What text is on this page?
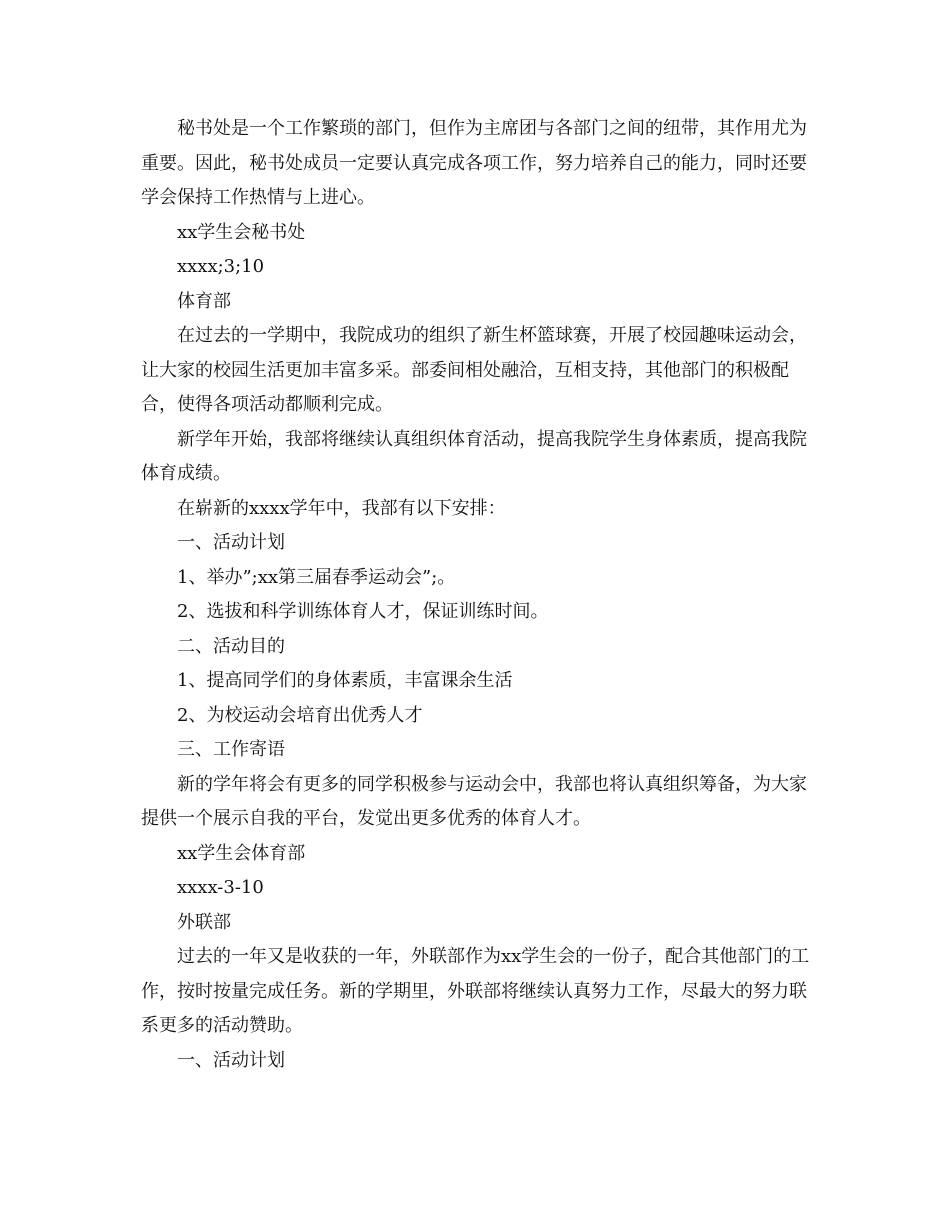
秘书处是一个工作繁琐的部门，但作为主席团与各部门之间的纽带，其作用尤为重要。因此，秘书处成员一定要认真完成各项工作，努力培养自己的能力，同时还要学会保持工作热情与上进心。

xx学生会秘书处

xxxx;3;10

体育部

在过去的一学期中，我院成功的组织了新生杯篮球赛，开展了校园趣味运动会，让大家的校园生活更加丰富多采。部委间相处融洽，互相支持，其他部门的积极配合，使得各项活动都顺利完成。

新学年开始，我部将继续认真组织体育活动，提高我院学生身体素质，提高我院体育成绩。

在崭新的xxxx学年中，我部有以下安排：

一、活动计划

1、举办”;xx第三届春季运动会”;。

2、选拔和科学训练体育人才，保证训练时间。

二、活动目的

1、提高同学们的身体素质，丰富课余生活

2、为校运动会培育出优秀人才

三、工作寄语

新的学年将会有更多的同学积极参与运动会中，我部也将认真组织筹备，为大家提供一个展示自我的平台，发觉出更多优秀的体育人才。

xx学生会体育部

xxxx-3-10

外联部

过去的一年又是收获的一年，外联部作为xx学生会的一份子，配合其他部门的工作，按时按量完成任务。新的学期里，外联部将继续认真努力工作，尽最大的努力联系更多的活动赞助。

一、活动计划
